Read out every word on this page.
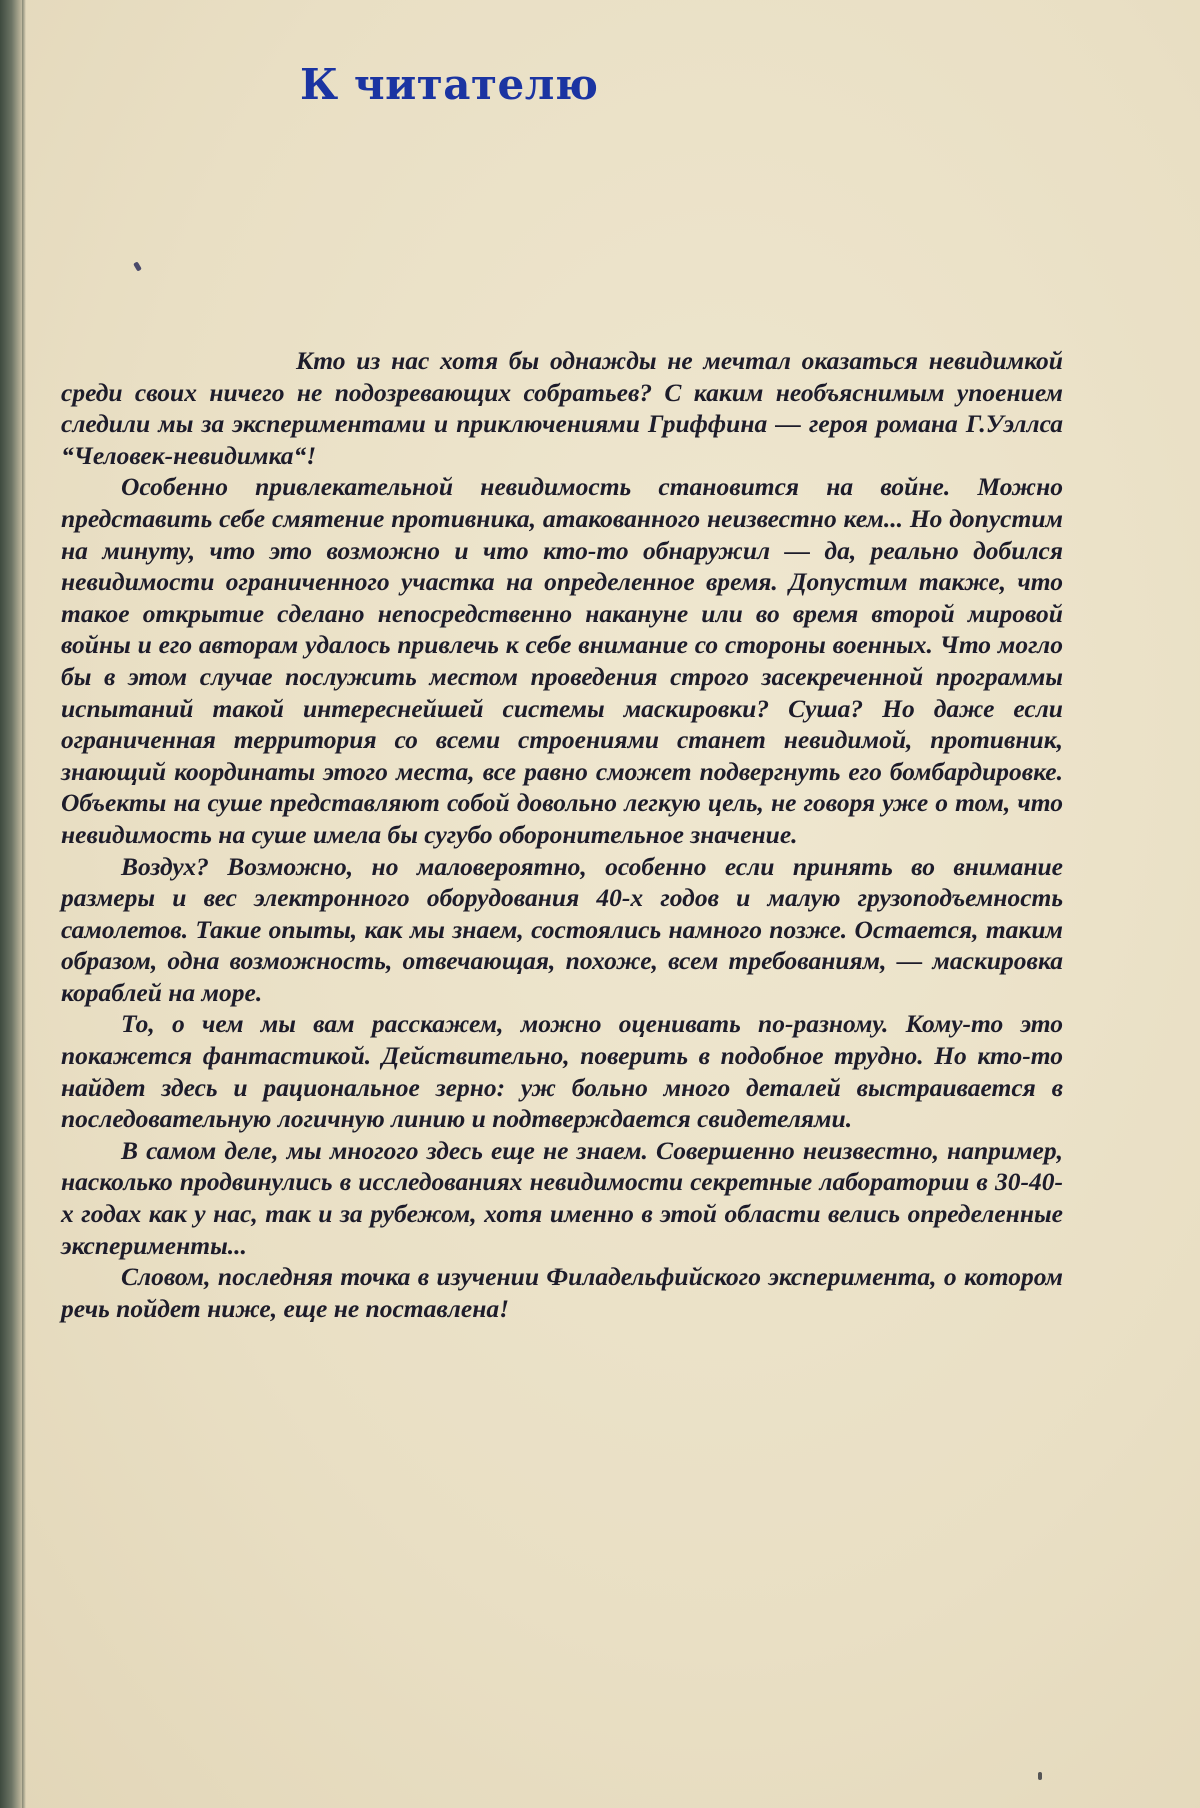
К читателю

Кто из нас хотя бы однажды не мечтал оказаться невидимкой среди своих ничего не подозревающих собратьев? С каким необъяснимым упоением следили мы за экспериментами и приключениями Гриффина — героя романа Г.Уэллса “Человек-невидимка“!

Особенно привлекательной невидимость становится на войне. Можно представить себе смятение противника, атакованного неизвестно кем... Но допустим на минуту, что это возможно и что кто-то обнаружил — да, реально добился невидимости ограниченного участка на определенное время. Допустим также, что такое открытие сделано непосредственно накануне или во время второй мировой войны и его авторам удалось привлечь к себе внимание со стороны военных. Что могло бы в этом случае послужить местом проведения строго засекреченной программы испытаний такой интереснейшей системы маскировки? Суша? Но даже если ограниченная территория со всеми строениями станет невидимой, противник, знающий координаты этого места, все равно сможет подвергнуть его бомбардировке. Объекты на суше представляют собой довольно легкую цель, не говоря уже о том, что невидимость на суше имела бы сугубо оборонительное значение.

Воздух? Возможно, но маловероятно, особенно если принять во внимание размеры и вес электронного оборудования 40-х годов и малую грузоподъемность самолетов. Такие опыты, как мы знаем, состоялись намного позже. Остается, таким образом, одна возможность, отвечающая, похоже, всем требованиям, — маскировка кораблей на море.

То, о чем мы вам расскажем, можно оценивать по-разному. Кому-то это покажется фантастикой. Действительно, поверить в подобное трудно. Но кто-то найдет здесь и рациональное зерно: уж больно много деталей выстраивается в последовательную логичную линию и подтверждается свидетелями.

В самом деле, мы многого здесь еще не знаем. Совершенно неизвестно, например, насколько продвинулись в исследованиях невидимости секретные лаборатории в 30-40-х годах как у нас, так и за рубежом, хотя именно в этой области велись определенные эксперименты...

Словом, последняя точка в изучении Филадельфийского эксперимента, о котором речь пойдет ниже, еще не поставлена!
